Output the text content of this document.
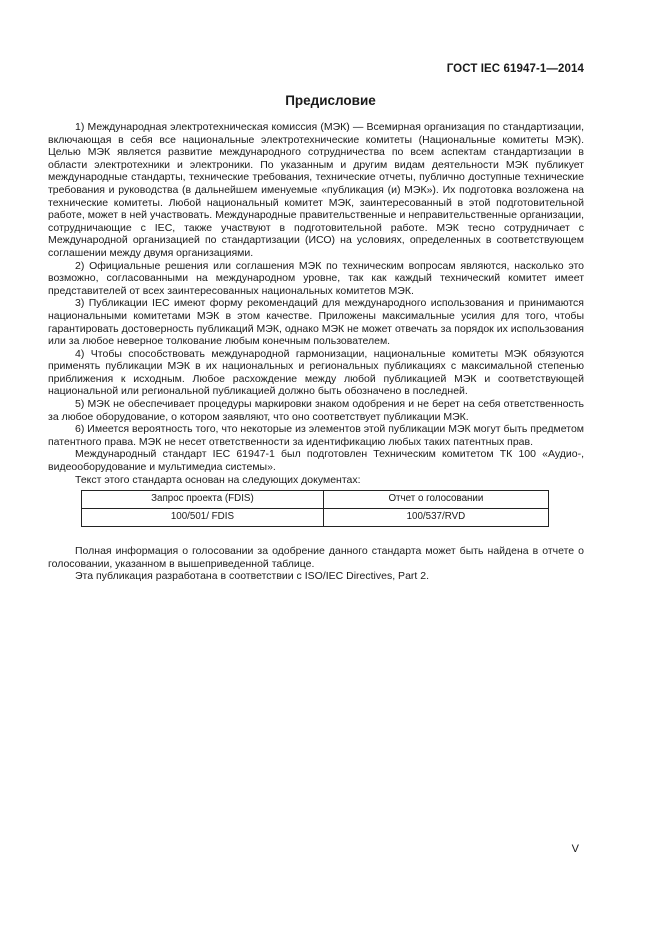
ГОСТ IEC 61947-1—2014
Предисловие

1) Международная электротехническая комиссия (МЭК) — Всемирная организация по стандартизации, включающая в себя все национальные электротехнические комитеты (Национальные комитеты МЭК). Целью МЭК является развитие международного сотрудничества по всем аспектам стандартизации в области электротехники и электроники. По указанным и другим видам деятельности МЭК публикует международные стандарты, технические требования, технические отчеты, публично доступные технические требования и руководства (в дальнейшем именуемые «публикация (и) МЭК»). Их подготовка возложена на технические комитеты. Любой национальный комитет МЭК, заинтересованный в этой подготовительной работе, может в ней участвовать. Международные правительственные и неправительственные организации, сотрудничающие с IEC, также участвуют в подготовительной работе. МЭК тесно сотрудничает с Международной организацией по стандартизации (ИСО) на условиях, определенных в соответствующем соглашении между двумя организациями.

2) Официальные решения или соглашения МЭК по техническим вопросам являются, насколько это возможно, согласованными на международном уровне, так как каждый технический комитет имеет представителей от всех заинтересованных национальных комитетов МЭК.

3) Публикации IEC имеют форму рекомендаций для международного использования и принимаются национальными комитетами МЭК в этом качестве. Приложены максимальные усилия для того, чтобы гарантировать достоверность публикаций МЭК, однако МЭК не может отвечать за порядок их использования или за любое неверное толкование любым конечным пользователем.

4) Чтобы способствовать международной гармонизации, национальные комитеты МЭК обязуются применять публикации МЭК в их национальных и региональных публикациях с максимальной степенью приближения к исходным. Любое расхождение между любой публикацией МЭК и соответствующей национальной или региональной публикацией должно быть обозначено в последней.

5) МЭК не обеспечивает процедуры маркировки знаком одобрения и не берет на себя ответственность за любое оборудование, о котором заявляют, что оно соответствует публикации МЭК.

6) Имеется вероятность того, что некоторые из элементов этой публикации МЭК могут быть предметом патентного права. МЭК не несет ответственности за идентификацию любых таких патентных прав.

Международный стандарт IEC 61947-1 был подготовлен Техническим комитетом ТК 100 «Аудио-, видеооборудование и мультимедиа системы».

Текст этого стандарта основан на следующих документах:

Запрос проекта (FDIS)	Отчет о голосовании
100/501/ FDIS	100/537/RVD

Полная информация о голосовании за одобрение данного стандарта может быть найдена в отчете о голосовании, указанном в вышеприведенной таблице.

Эта публикация разработана в соответствии с ISO/IEC Directives, Part 2.

V
